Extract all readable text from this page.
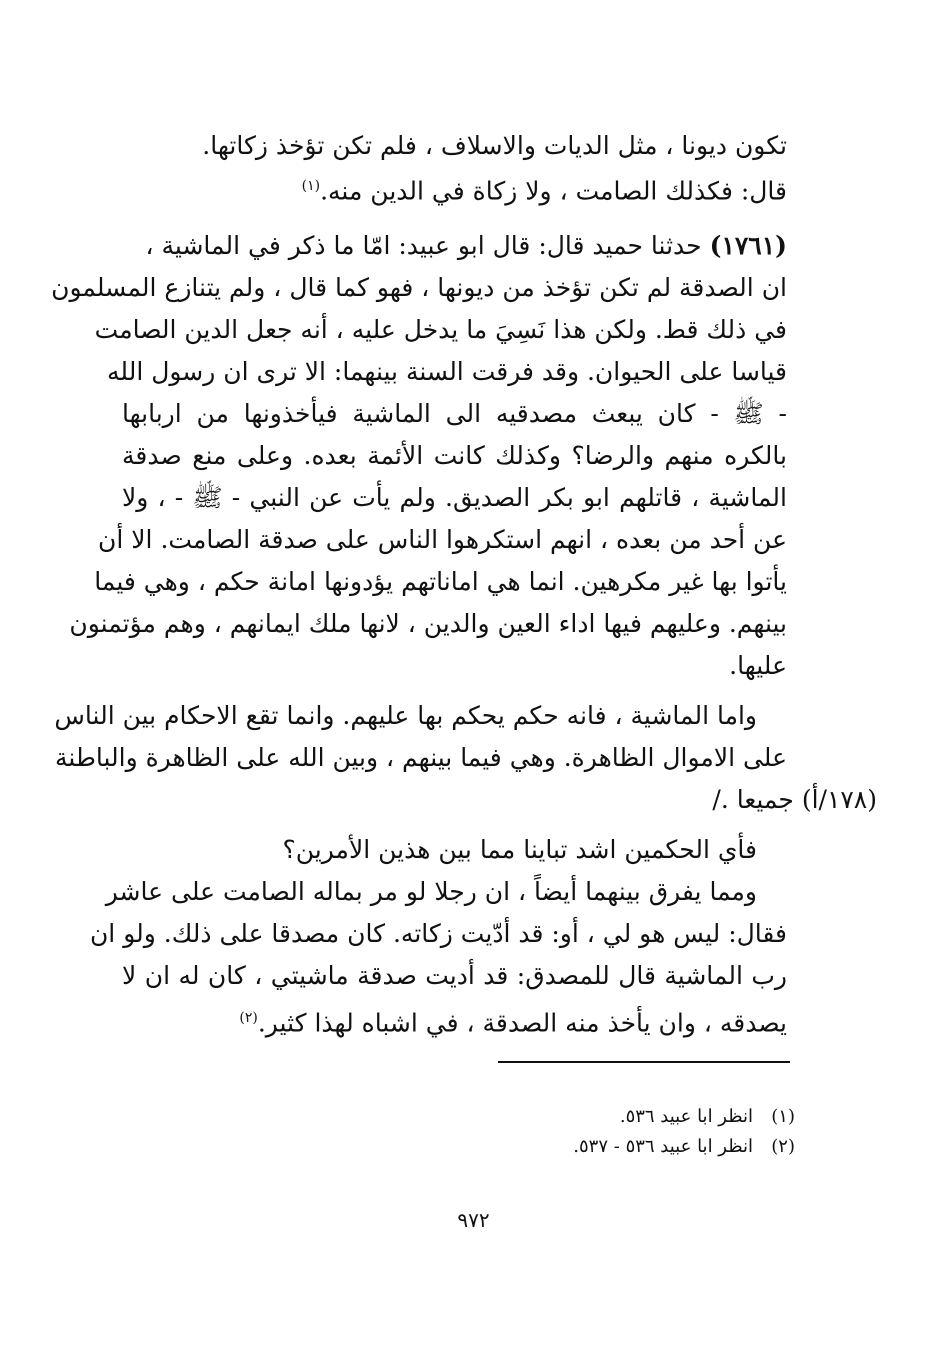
تكون ديونا ، مثل الديات والاسلاف ، فلم تكن تؤخذ زكاتها.
قال: فكذلك الصامت ، ولا زكاة في الدين منه.$^{(١)}$
(١٧٦١) حدثنا حميد قال: قال ابو عبيد: امّا ما ذكر في الماشية ،
ان الصدقة لم تكن تؤخذ من ديونها ، فهو كما قال ، ولم يتنازع المسلمون
في ذلك قط. ولكن هذا نَسِيَ ما يدخل عليه ، أنه جعل الدين الصامت
قياسا على الحيوان. وقد فرقت السنة بينهما: الا ترى ان رسول الله
- ﷺ - كان يبعث مصدقيه الى الماشية فيأخذونها من اربابها
بالكره منهم والرضا؟ وكذلك كانت الأئمة بعده. وعلى منع صدقة
الماشية ، قاتلهم ابو بكر الصديق. ولم يأت عن النبي - ﷺ - ، ولا
عن أحد من بعده ، انهم استكرهوا الناس على صدقة الصامت. الا أن
يأتوا بها غير مكرهين. انما هي اماناتهم يؤدونها امانة حكم ، وهي فيما
بينهم. وعليهم فيها اداء العين والدين ، لانها ملك ايمانهم ، وهم مؤتمنون
عليها.
واما الماشية ، فانه حكم يحكم بها عليهم. وانما تقع الاحكام بين الناس
على الاموال الظاهرة. وهي فيما بينهم ، وبين الله على الظاهرة والباطنة
(١٧٨/أ) جميعا ./
فأي الحكمين اشد تباينا مما بين هذين الأمرين؟
ومما يفرق بينهما أيضاً ، ان رجلا لو مر بماله الصامت على عاشر
فقال: ليس هو لي ، أو: قد أدّيت زكاته. كان مصدقا على ذلك. ولو ان
رب الماشية قال للمصدق: قد أديت صدقة ماشيتي ، كان له ان لا
يصدقه ، وان يأخذ منه الصدقة ، في اشباه لهذا كثير.$^{(٢)}$
(١)انظر ابا عبيد ٥٣٦.
(٢)انظر ابا عبيد ٥٣٦ - ٥٣٧.
٩٧٢
